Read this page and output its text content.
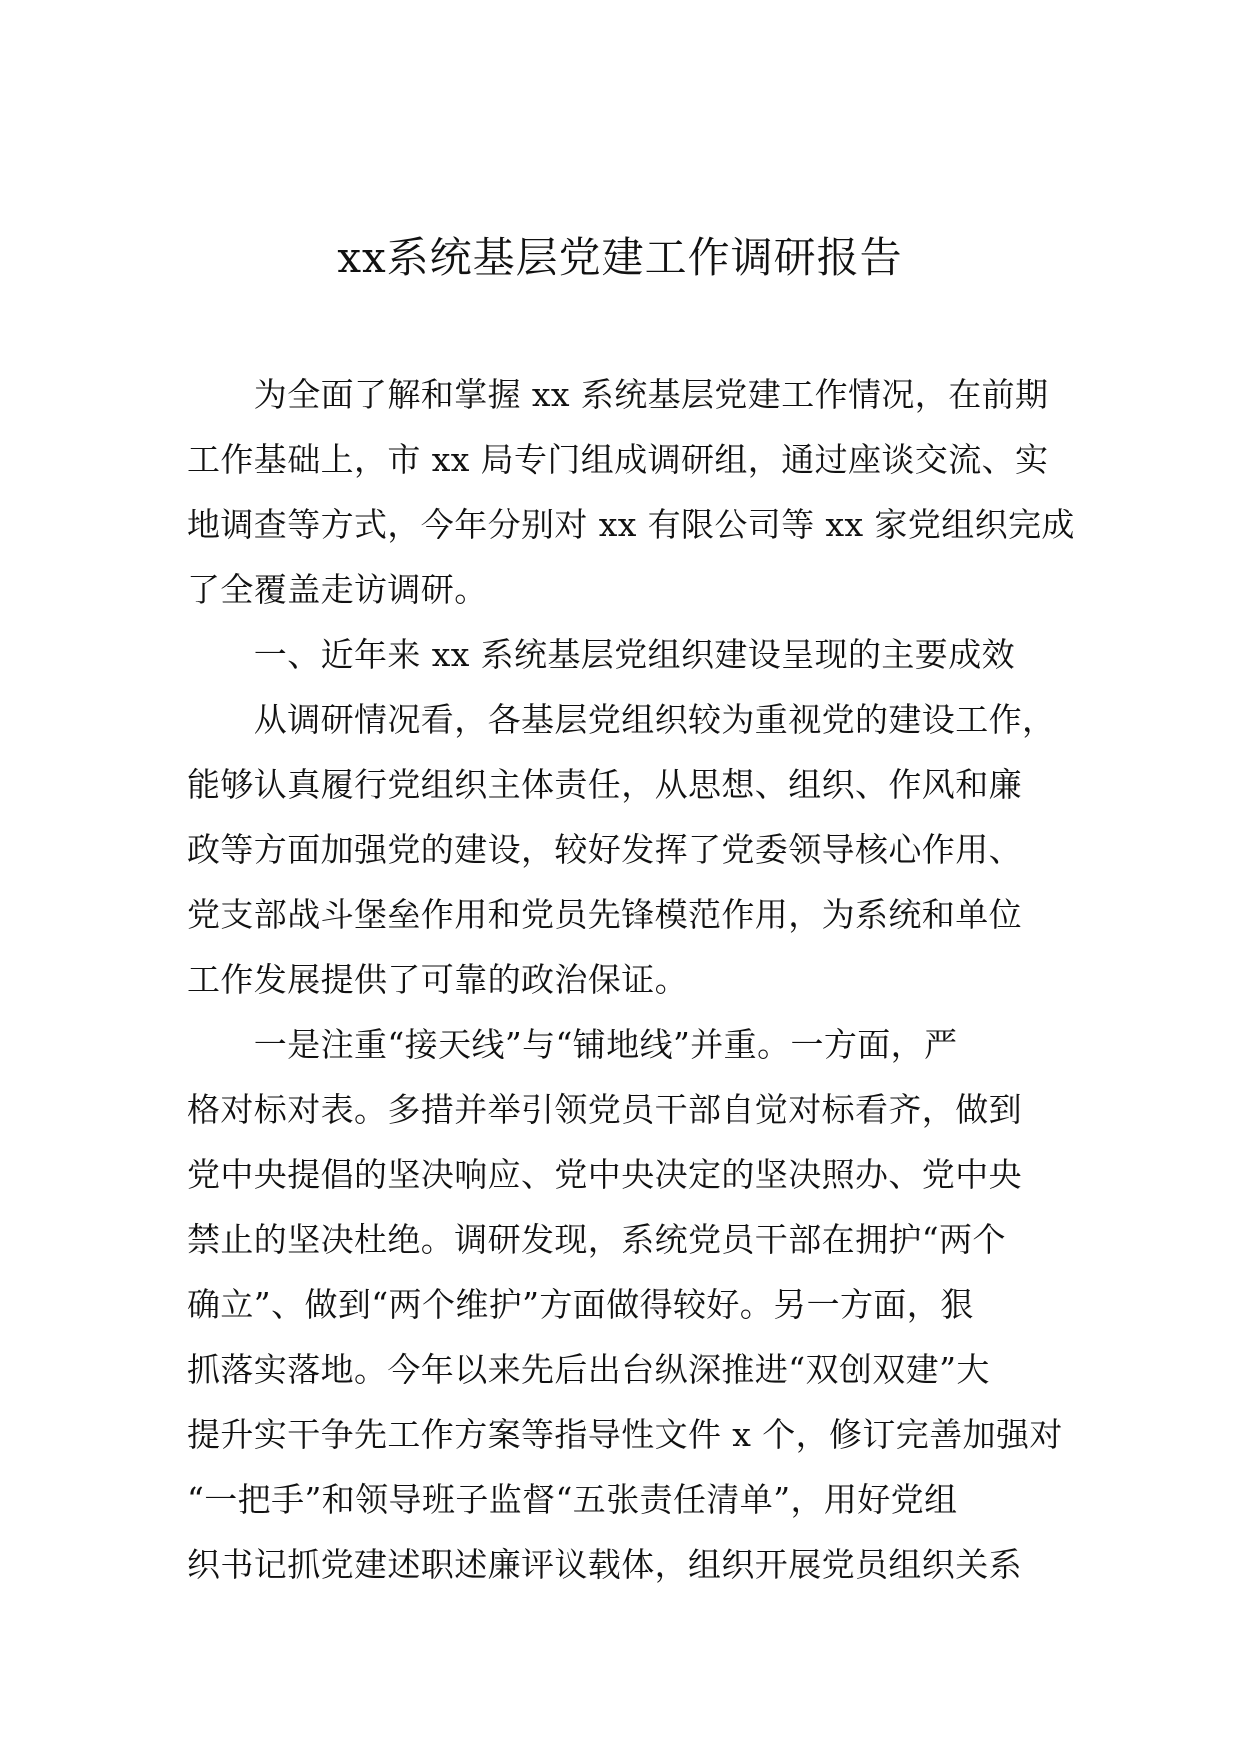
xx系统基层党建工作调研报告
　　为全面了解和掌握 xx 系统基层党建工作情况，在前期
工作基础上，市 xx 局专门组成调研组，通过座谈交流、实
地调查等方式，今年分别对 xx 有限公司等 xx 家党组织完成
了全覆盖走访调研。
　　一、近年来 xx 系统基层党组织建设呈现的主要成效
　　从调研情况看，各基层党组织较为重视党的建设工作，
能够认真履行党组织主体责任，从思想、组织、作风和廉
政等方面加强党的建设，较好发挥了党委领导核心作用、
党支部战斗堡垒作用和党员先锋模范作用，为系统和单位
工作发展提供了可靠的政治保证。
　　一是注重“接天线”与“铺地线”并重。一方面，严
格对标对表。多措并举引领党员干部自觉对标看齐，做到
党中央提倡的坚决响应、党中央决定的坚决照办、党中央
禁止的坚决杜绝。调研发现，系统党员干部在拥护“两个
确立”、做到“两个维护”方面做得较好。另一方面，狠
抓落实落地。今年以来先后出台纵深推进“双创双建”大
提升实干争先工作方案等指导性文件 x 个，修订完善加强对
“一把手”和领导班子监督“五张责任清单”，用好党组
织书记抓党建述职述廉评议载体，组织开展党员组织关系
